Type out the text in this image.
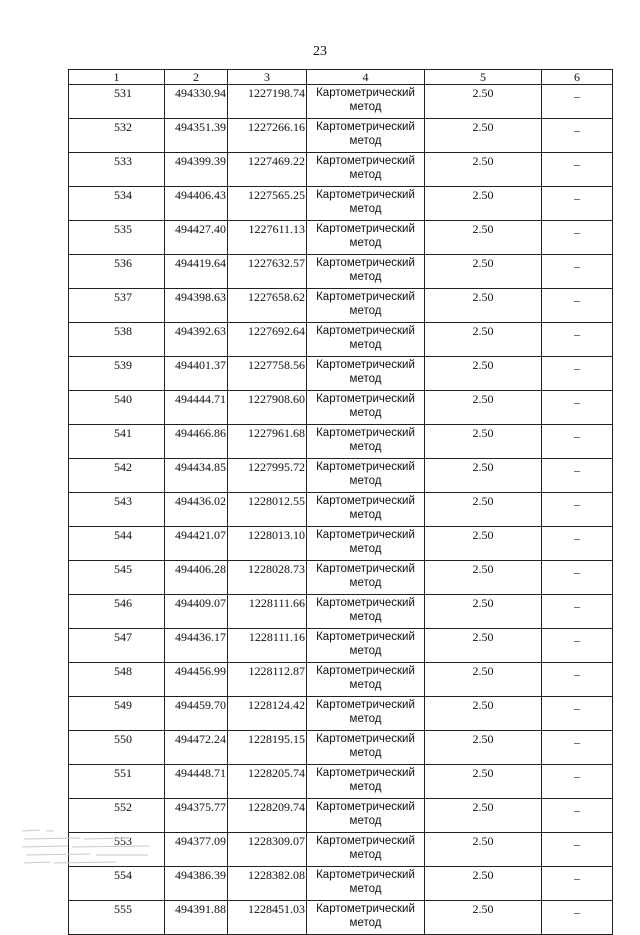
23
1	2	3	4	5	6
531	494330.94	1227198.74	Картометрический
метод	2.50	–
532	494351.39	1227266.16	Картометрический
метод	2.50	–
533	494399.39	1227469.22	Картометрический
метод	2.50	–
534	494406.43	1227565.25	Картометрический
метод	2.50	–
535	494427.40	1227611.13	Картометрический
метод	2.50	–
536	494419.64	1227632.57	Картометрический
метод	2.50	–
537	494398.63	1227658.62	Картометрический
метод	2.50	–
538	494392.63	1227692.64	Картометрический
метод	2.50	–
539	494401.37	1227758.56	Картометрический
метод	2.50	–
540	494444.71	1227908.60	Картометрический
метод	2.50	–
541	494466.86	1227961.68	Картометрический
метод	2.50	–
542	494434.85	1227995.72	Картометрический
метод	2.50	–
543	494436.02	1228012.55	Картометрический
метод	2.50	–
544	494421.07	1228013.10	Картометрический
метод	2.50	–
545	494406.28	1228028.73	Картометрический
метод	2.50	–
546	494409.07	1228111.66	Картометрический
метод	2.50	–
547	494436.17	1228111.16	Картометрический
метод	2.50	–
548	494456.99	1228112.87	Картометрический
метод	2.50	–
549	494459.70	1228124.42	Картометрический
метод	2.50	–
550	494472.24	1228195.15	Картометрический
метод	2.50	–
551	494448.71	1228205.74	Картометрический
метод	2.50	–
552	494375.77	1228209.74	Картометрический
метод	2.50	–
553	494377.09	1228309.07	Картометрический
метод	2.50	–
554	494386.39	1228382.08	Картометрический
метод	2.50	–
555	494391.88	1228451.03	Картометрический
метод	2.50	–
